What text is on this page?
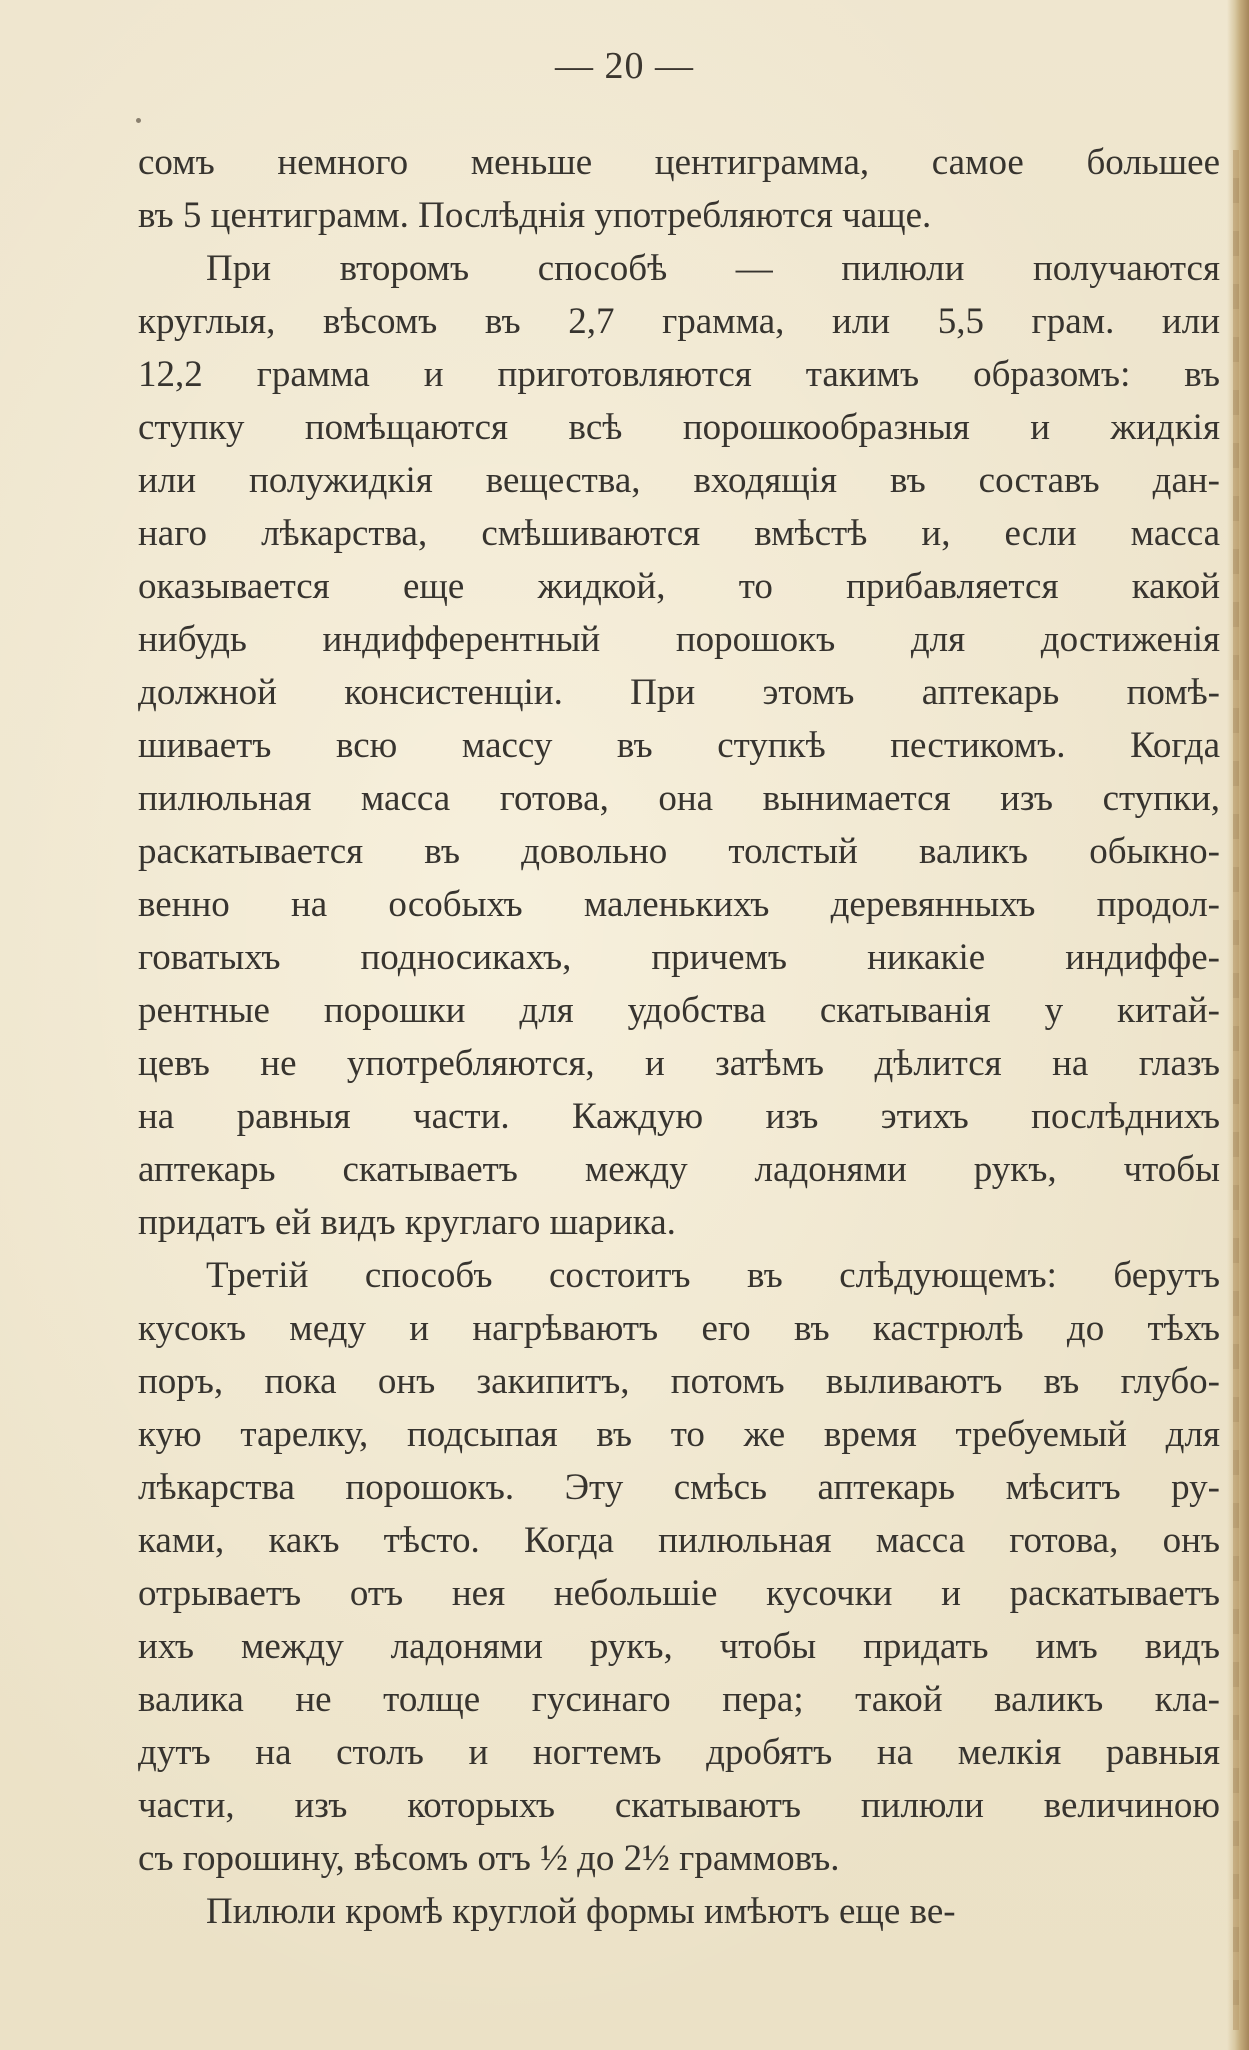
— 20 —
сомъ немного меньше центиграмма, самое большее
въ 5 центиграмм. Послѣднія употребляются чаще.
При второмъ способѣ — пилюли получаются
круглыя, вѣсомъ въ 2,7 грамма, или 5,5 грам. или
12,2 грамма и приготовляются такимъ образомъ: въ
ступку помѣщаются всѣ порошкообразныя и жидкія
или полужидкія вещества, входящія въ составъ дан-
наго лѣкарства, смѣшиваются вмѣстѣ и, если масса
оказывается еще жидкой, то прибавляется какой
нибудь индифферентный порошокъ для достиженія
должной консистенціи. При этомъ аптекарь помѣ-
шиваетъ всю массу въ ступкѣ пестикомъ. Когда
пилюльная масса готова, она вынимается изъ ступки,
раскатывается въ довольно толстый валикъ обыкно-
венно на особыхъ маленькихъ деревянныхъ продол-
говатыхъ подносикахъ, причемъ никакіе индиффе-
рентные порошки для удобства скатыванія у китай-
цевъ не употребляются, и затѣмъ дѣлится на глазъ
на равныя части. Каждую изъ этихъ послѣднихъ
аптекарь скатываетъ между ладонями рукъ, чтобы
придатъ ей видъ круглаго шарика.
Третій способъ состоитъ въ слѣдующемъ: берутъ
кусокъ меду и нагрѣваютъ его въ кастрюлѣ до тѣхъ
поръ, пока онъ закипитъ, потомъ выливаютъ въ глубо-
кую тарелку, подсыпая въ то же время требуемый для
лѣкарства порошокъ. Эту смѣсь аптекарь мѣситъ ру-
ками, какъ тѣсто. Когда пилюльная масса готова, онъ
отрываетъ отъ нея небольшіе кусочки и раскатываетъ
ихъ между ладонями рукъ, чтобы придать имъ видъ
валика не толще гусинаго пера; такой валикъ кла-
дутъ на столъ и ногтемъ дробятъ на мелкія равныя
части, изъ которыхъ скатываютъ пилюли величиною
съ горошину, вѣсомъ отъ ½ до 2½ граммовъ.
Пилюли кромѣ круглой формы имѣютъ еще ве-
